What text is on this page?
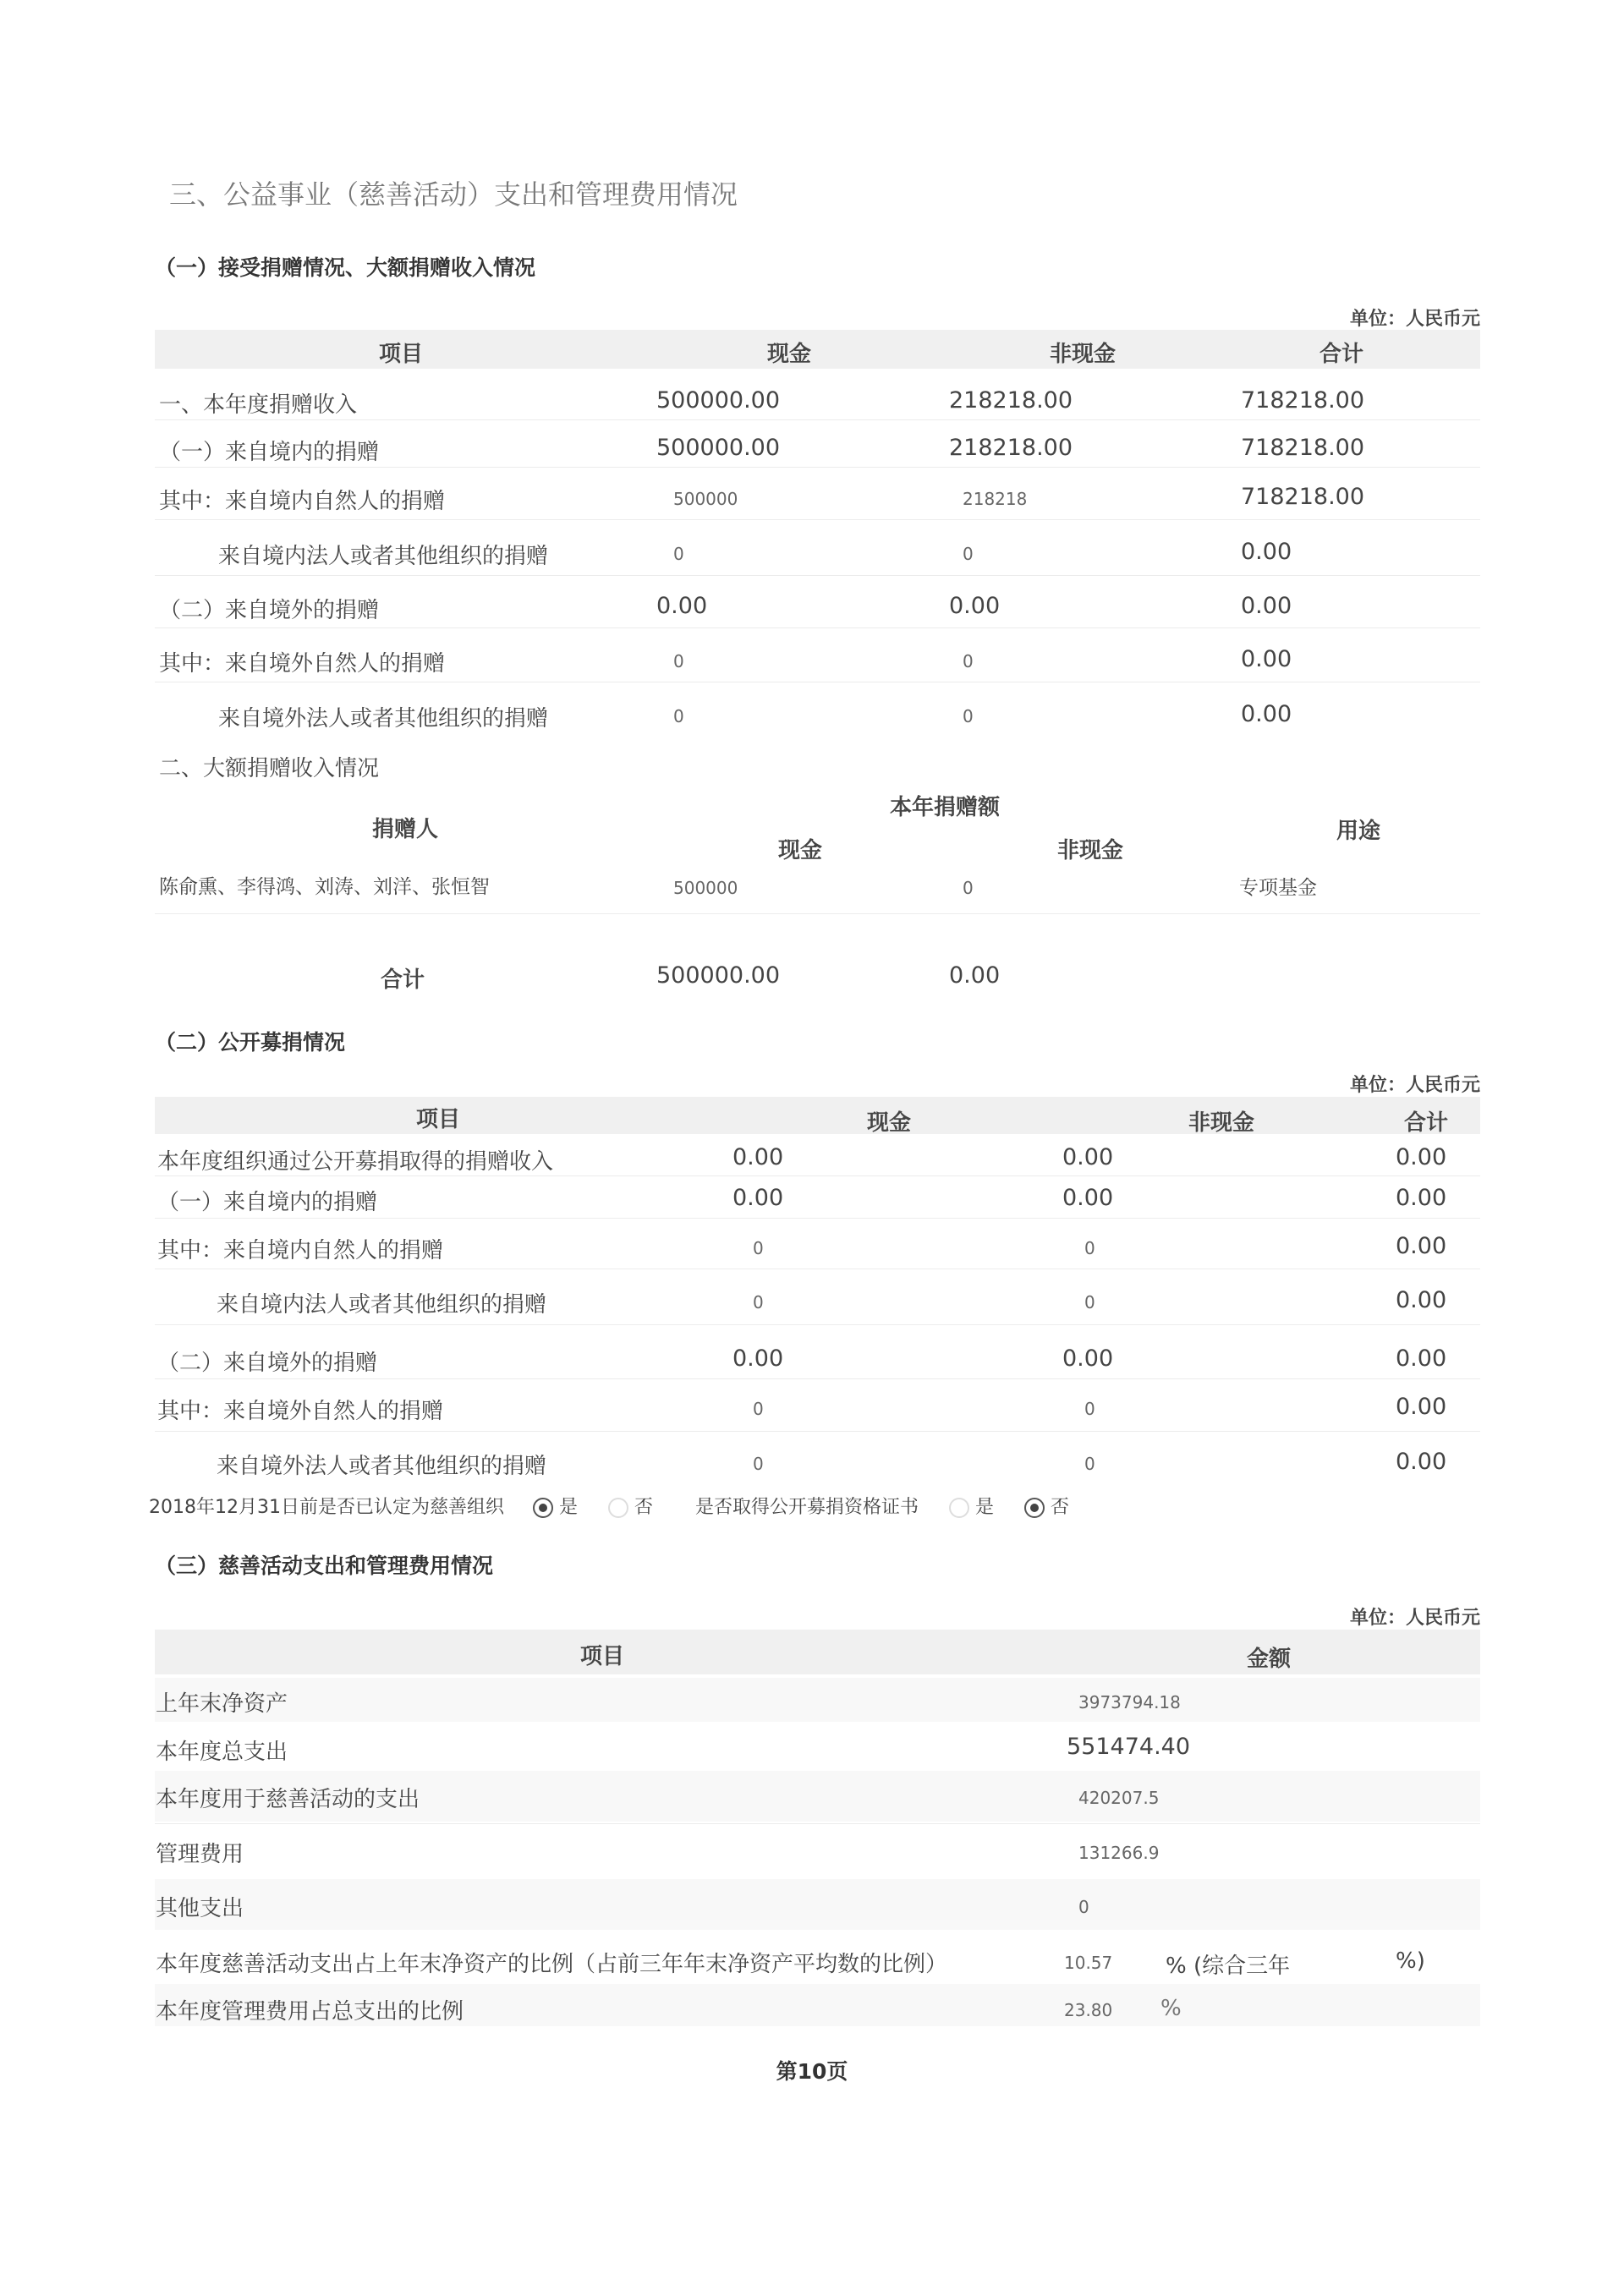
三、公益事业（慈善活动）支出和管理费用情况
（一）接受捐赠情况、大额捐赠收入情况
单位：人民币元
项目	现金	非现金	合计
一、本年度捐赠收入	500000.00	218218.00	718218.00
（一）来自境内的捐赠	500000.00	218218.00	718218.00
其中：来自境内自然人的捐赠	500000	218218	718218.00
来自境内法人或者其他组织的捐赠	0	0	0.00
（二）来自境外的捐赠	0.00	0.00	0.00
其中：来自境外自然人的捐赠	0	0	0.00
来自境外法人或者其他组织的捐赠	0	0	0.00
二、大额捐赠收入情况
本年捐赠额
捐赠人	用途
现金	非现金
陈俞熏、李得鸿、刘涛、刘洋、张恒智	500000	0	专项基金
合计	500000.00	0.00
（二）公开募捐情况
单位：人民币元
项目	现金	非现金	合计
本年度组织通过公开募捐取得的捐赠收入	0.00	0.00	0.00
（一）来自境内的捐赠	0.00	0.00	0.00
其中：来自境内自然人的捐赠	0	0	0.00
来自境内法人或者其他组织的捐赠	0	0	0.00
（二）来自境外的捐赠	0.00	0.00	0.00
其中：来自境外自然人的捐赠	0	0	0.00
来自境外法人或者其他组织的捐赠	0	0	0.00
2018年12月31日前是否已认定为慈善组织	是	否 是否取得公开募捐资格证书	是	否
（三）慈善活动支出和管理费用情况
单位：人民币元
项目	金额
上年末净资产	3973794.18
本年度总支出	551474.40
本年度用于慈善活动的支出	420207.5
管理费用	131266.9
其他支出	0
本年度慈善活动支出占上年末净资产的比例（占前三年年末净资产平均数的比例）	10.57 % (综合三年	%)
本年度管理费用占总支出的比例	23.80 %
第10页
